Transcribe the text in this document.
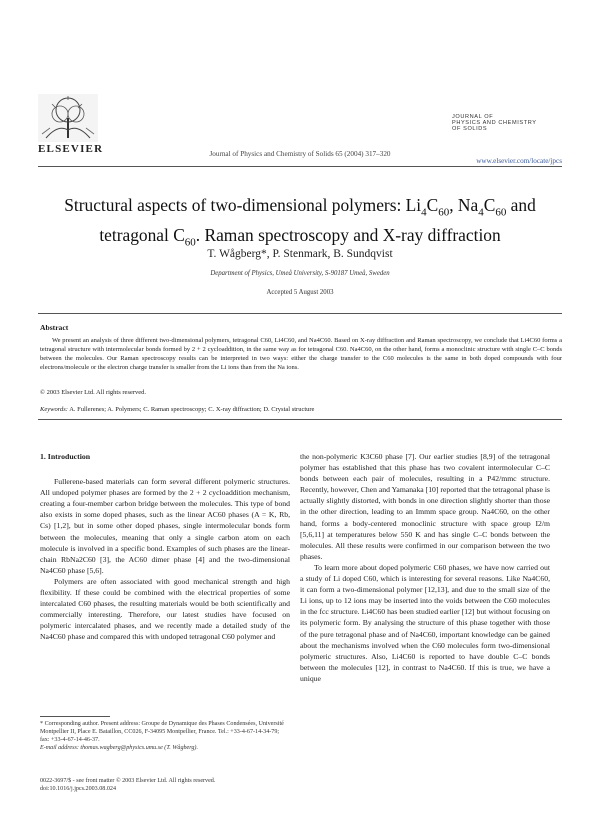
ELSEVIER	Journal of Physics and Chemistry of Solids 65 (2004) 317–320
JOURNAL OF
PHYSICS AND CHEMISTRY
OF SOLIDS
www.elsevier.com/locate/jpcs
Structural aspects of two-dimensional polymers: $Li_4C_{60}$, $Na_4C_{60}$ and
tetragonal $C_{60}$. Raman spectroscopy and X-ray diffraction
T. Wågberg*, P. Stenmark, B. Sundqvist
Department of Physics, Umeå University, S-90187 Umeå, Sweden
Accepted 5 August 2003
Abstract

We present an analysis of three different two-dimensional polymers, tetragonal C60, Li4C60, and Na4C60. Based on X-ray diffraction and Raman spectroscopy, we conclude that Li4C60 forms a tetragonal structure with intermolecular bonds formed by 2 + 2 cycloaddition, in the same way as for tetragonal C60. Na4C60, on the other hand, forms a monoclinic structure with single C–C bonds between the molecules. Our Raman spectroscopy results can be interpreted in two ways: either the charge transfer to the C60 molecules is the same in both doped compounds with four electrons/molecule or the electron charge transfer is smaller from the Li ions than from the Na ions.

© 2003 Elsevier Ltd. All rights reserved.
Keywords: A. Fullerenes; A. Polymers; C. Raman spectroscopy; C. X-ray diffraction; D. Crystal structure
1. Introduction

Fullerene-based materials can form several different polymeric structures. All undoped polymer phases are formed by the 2 + 2 cycloaddition mechanism, creating a four-member carbon bridge between the molecules. This type of bond also exists in some doped phases, such as the linear AC60 phases (A = K, Rb, Cs) [1,2], but in some other doped phases, single intermolecular bonds form between the molecules, meaning that only a single carbon atom on each molecule is involved in a specific bond. Examples of such phases are the linear-chain RbNa2C60 [3], the AC60 dimer phase [4] and the two-dimensional Na4C60 phase [5,6].

Polymers are often associated with good mechanical strength and high flexibility. If these could be combined with the electrical properties of some intercalated C60 phases, the resulting materials would be both scientifically and commercially interesting. Therefore, our latest studies have focused on polymeric intercalated phases, and we recently made a detailed study of the Na4C60 phase and compared this with undoped tetragonal C60 polymer and

the non-polymeric K3C60 phase [7]. Our earlier studies [8,9] of the tetragonal polymer has established that this phase has two covalent intermolecular C–C bonds between each pair of molecules, resulting in a P42/mmc structure. Recently, however, Chen and Yamanaka [10] reported that the tetragonal phase is actually slightly distorted, with bonds in one direction slightly shorter than those in the other direction, leading to an Immm space group. Na4C60, on the other hand, forms a body-centered monoclinic structure with space group I2/m [5,6,11] at temperatures below 550 K and has single C–C bonds between the molecules. All these results were confirmed in our comparison between the two phases.

To learn more about doped polymeric C60 phases, we have now carried out a study of Li doped C60, which is interesting for several reasons. Like Na4C60, it can form a two-dimensional polymer [12,13], and due to the small size of the Li ions, up to 12 ions may be inserted into the voids between the C60 molecules in the fcc structure. Li4C60 has been studied earlier [12] but without focusing on its polymeric form. By analysing the structure of this phase together with those of the pure tetragonal phase and of Na4C60, important knowledge can be gained about the mechanisms involved when the C60 molecules form two-dimensional polymeric structures. Also, Li4C60 is reported to have double C–C bonds between the molecules [12], in contrast to Na4C60. If this is true, we have a unique

* Corresponding author. Present address: Groupe de Dynamique des Phases Condensées, Université Montpellier II, Place E. Bataillon, CC026, F-34095 Montpellier, France. Tel.: +33-4-67-14-34-79; fax: +33-4-67-14-46-37.
E-mail address: thomas.wagberg@physics.umu.se (T. Wågberg).
0022-3697/$ - see front matter © 2003 Elsevier Ltd. All rights reserved.
doi:10.1016/j.jpcs.2003.08.024
